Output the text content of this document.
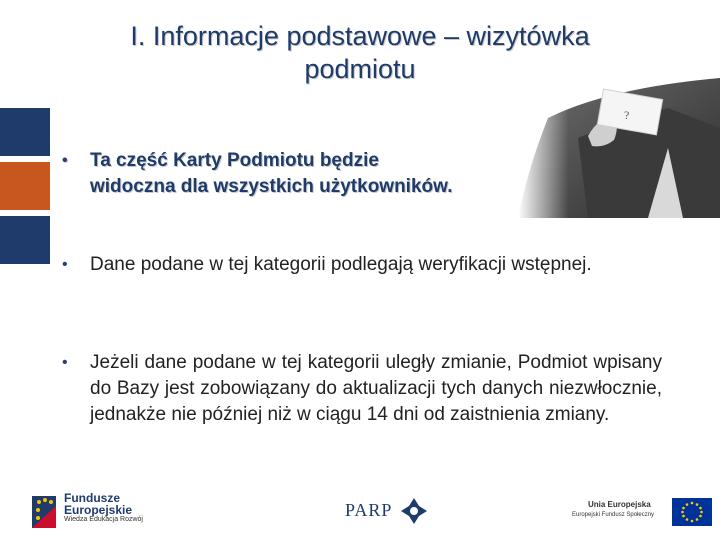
I. Informacje podstawowe – wizytówka
podmiotu
?
•	Ta część Karty Podmiotu będzie
widoczna dla wszystkich użytkowników.
•	Dane podane w tej kategorii podlegają weryfikacji wstępnej.
•	Jeżeli dane podane w tej kategorii uległy zmianie, Podmiot wpisany do Bazy jest zobowiązany do aktualizacji tych danych niezwłocznie, jednakże nie później niż w ciągu 14 dni od zaistnienia zmiany.
Fundusze
Europejskie
Wiedza Edukacja Rozwój	PARP	Unia Europejska
Europejski Fundusz Społeczny
